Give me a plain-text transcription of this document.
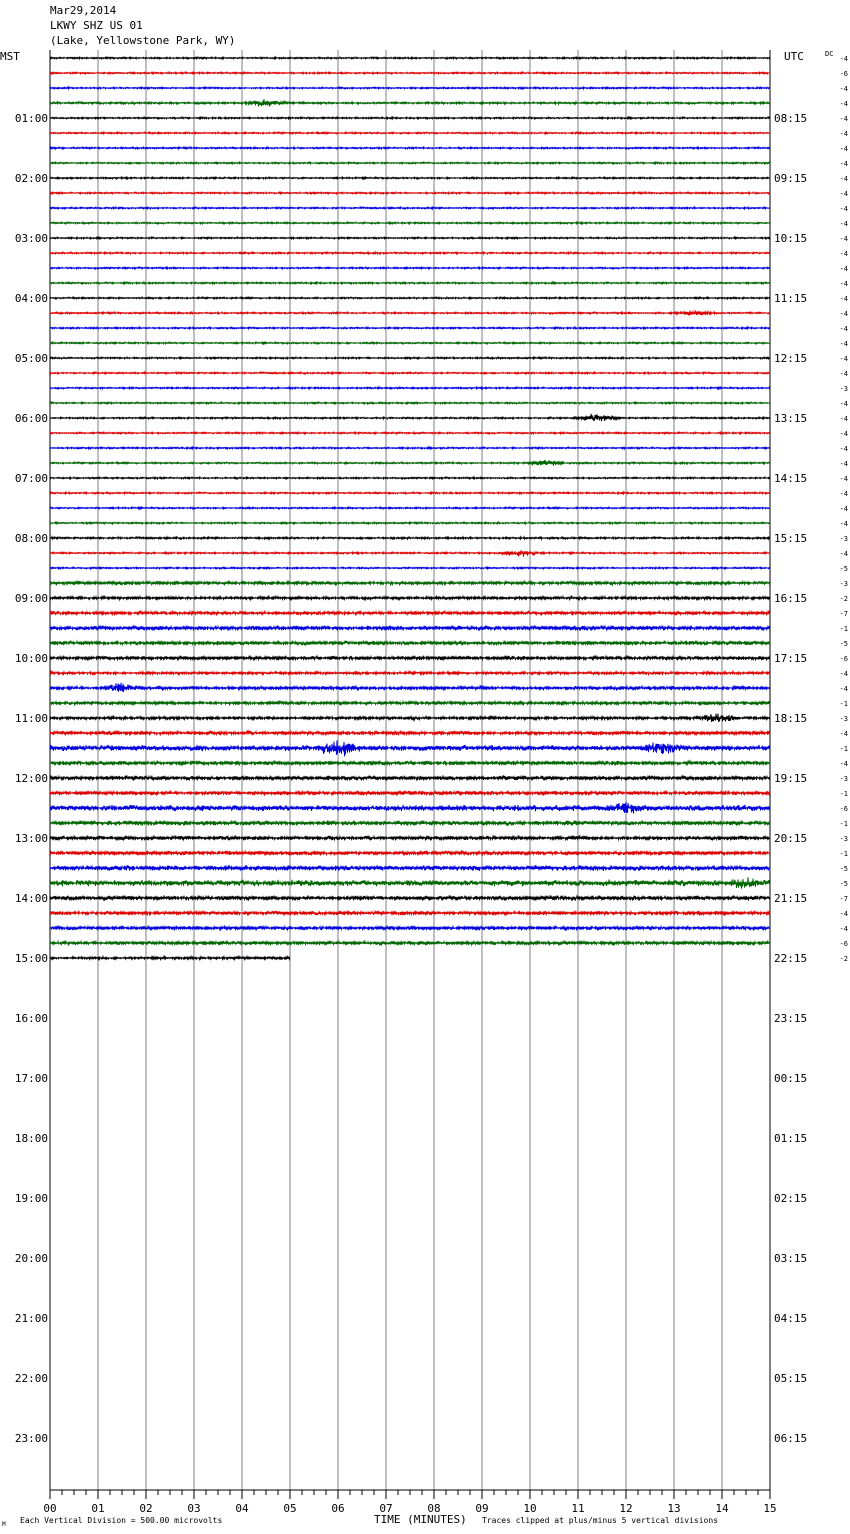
Mar29,2014
LKWY SHZ US 01
(Lake, Yellowstone Park, WY)
00	01	02	03	04	05	06	07	08	09	10	11	12	13	14	15
01:00
02:00
03:00
04:00
05:00
06:00
07:00
08:00
09:00
10:00
11:00
12:00
13:00
14:00
15:00
16:00
17:00
18:00
19:00
20:00
21:00
22:00
23:00
08:15
09:15
10:15
11:15
12:15
13:15
14:15
15:15
16:15
17:15
18:15
19:15
20:15
21:15
22:15
23:15
00:15
01:15
02:15
03:15
04:15
05:15
06:15
-4
-6
-4
-4
-4
-4
-4
-4
-4
-4
-4
-4
-4
-4
-4
-4
-4
-4
-4
-4
-4
-4
-3
-4
-4
-4
-4
-4
-4
-4
-4
-4
-3
-4
-5
-3
-2
-7
-1
-5
-6
-4
-4
-1
-3
-4
-1
-4
-3
-1
-6
-1
-3
-1
-5
-5
-7
-4
-4
-6
-2
MST	UTC	DC
TIME (MINUTES)
Each Vertical Division = 500.00 microvolts	Traces clipped at plus/minus 5 vertical divisions
M
